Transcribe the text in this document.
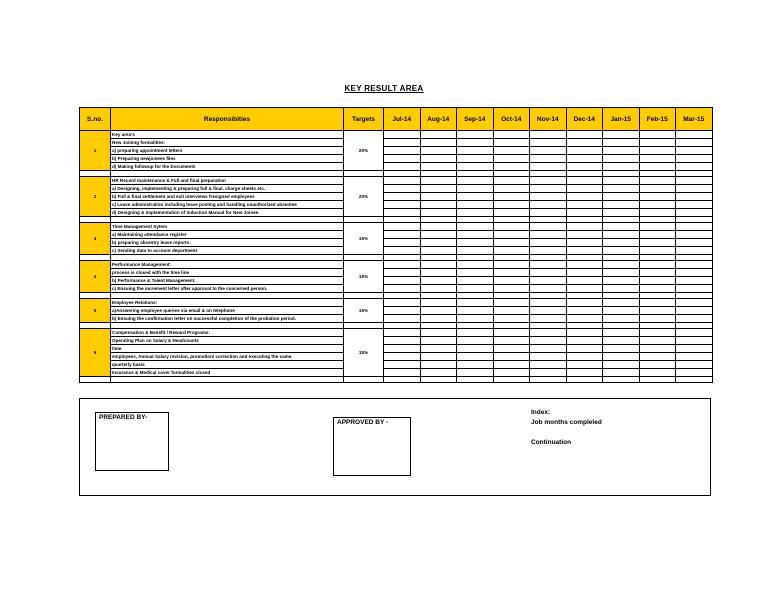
KEY RESULT AREA
S.no.	Responsibities	Targets	Jul-14	Aug-14	Sep-14	Oct-14	Nov-14	Dec-14	Jan-15	Feb-15	Mar-15
1	Key area's	20%									
	New Joining formalities:										
	a) preparing appointment letters										
	b) Preparing newjoinees files										
	d) Making followup for the Documents										

2	HR Record maintenance & Full and final preparation	20%									
	a) Designing, implementing & preparing full & final, charge sheets etc.										
	b) Full & final settlement and exit interviews fresigned employees										
	c) Leave administration including leave posting and handling unauthorized absentee										
	d) Designing & implementation of Induction Manual for New Joinee.										

3	Time Management Sytem	15%									
	a) Maintaining attendance register										
	b) preparing absentry leave reports.										
	c) Sending data to account department										

4	Performance Management:	15%									
	process is closed with the time line										
	b) Performance & Talent Management.										
	c) Ensuing the increment letter after approval to the concerned person.										

5	Employee Relations:	15%									
	a)Answering employee queries via email & on telephone										
	b) Ensuing the confirmation letter on successful completion of the probation period.										

6	Compensation & Benefit / Reward Programs:	15%									
	Operating Plan on Salary & Headcounts										
	time										
	employees, Annual Salary revision, promotion/ correction and executing the same.										
	quarterly basis										
	Insurance & Medical cover formalities closed										

PREPARED BY-
APPROVED BY -
Index:
Job months compleled
Continuation
